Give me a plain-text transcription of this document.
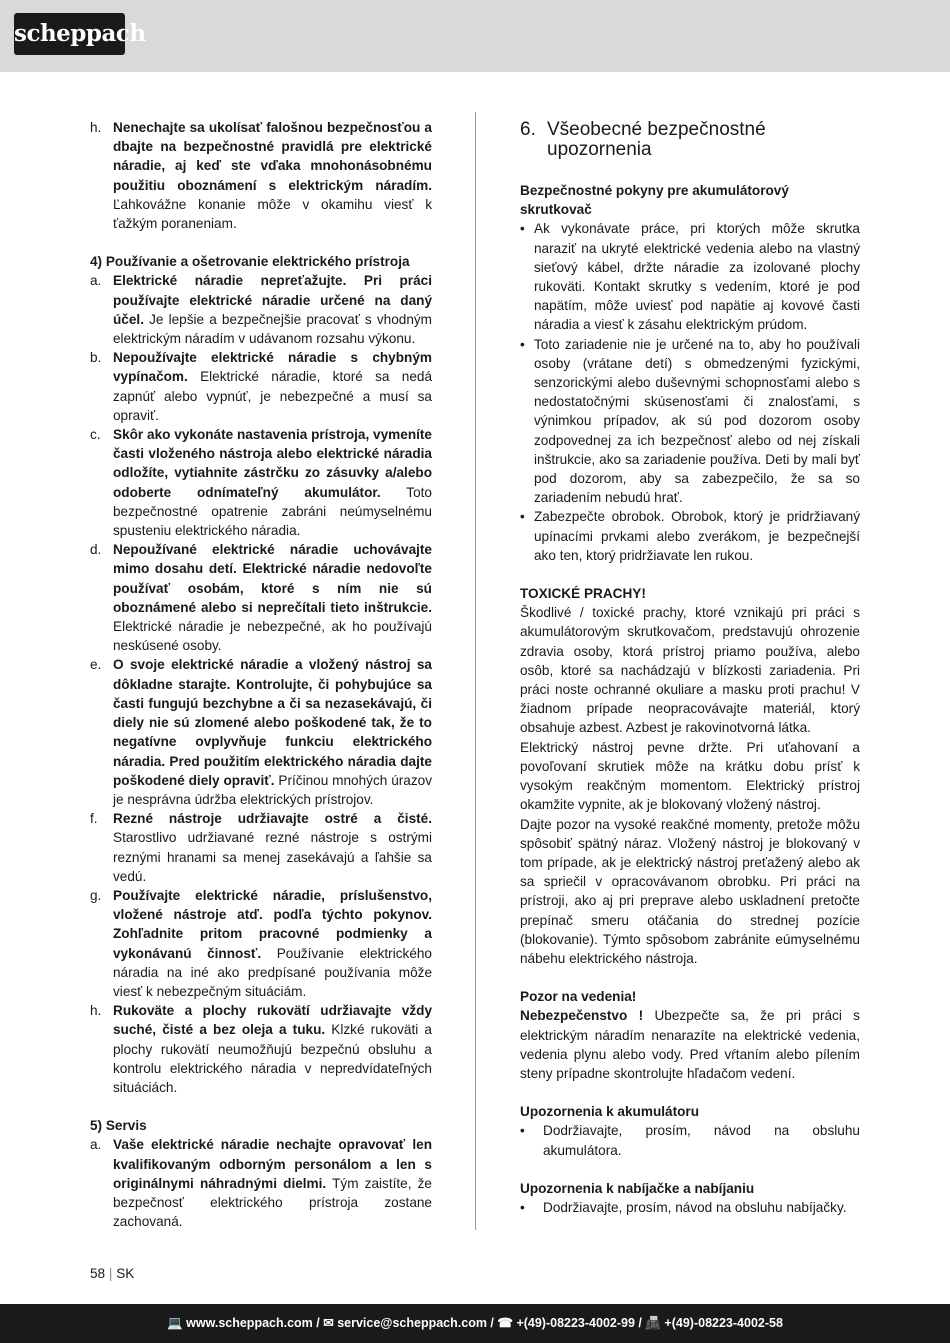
scheppach
h. Nenechajte sa ukolísať falošnou bezpečnosťou a dbajte na bezpečnostné pravidlá pre elektrické náradie, aj keď ste vďaka mnohonásobnému použitiu oboznámení s elektrickým náradím. Ľahkovážne konanie môže v okamihu viesť k ťažkým poraneniam.
4) Používanie a ošetrovanie elektrického prístroja
a. Elektrické náradie nepreťažujte. Pri práci používajte elektrické náradie určené na daný účel. Je lepšie a bezpečnejšie pracovať s vhodným elektrickým náradím v udávanom rozsahu výkonu.
b. Nepoužívajte elektrické náradie s chybným vypínačom. Elektrické náradie, ktoré sa nedá zapnúť alebo vypnúť, je nebezpečné a musí sa opraviť.
c. Skôr ako vykonáte nastavenia prístroja, vymeníte časti vloženého nástroja alebo elektrické náradia odložíte, vytiahnite zástrčku zo zásuvky a/alebo odoberte odnímateľný akumulátor. Toto bezpečnostné opatrenie zabráni neúmyselnému spusteniu elektrického náradia.
d. Nepoužívané elektrické náradie uchovávajte mimo dosahu detí. Elektrické náradie nedovoľte používať osobám, ktoré s ním nie sú oboznámené alebo si neprečítali tieto inštrukcie. Elektrické náradie je nebezpečné, ak ho používajú neskúsené osoby.
e. O svoje elektrické náradie a vložený nástroj sa dôkladne starajte. Kontrolujte, či pohybujúce sa časti fungujú bezchybne a či sa nezasekávajú, či diely nie sú zlomené alebo poškodené tak, že to negatívne ovplyvňuje funkciu elektrického náradia. Pred použitím elektrického náradia dajte poškodené diely opraviť. Príčinou mnohých úrazov je nesprávna údržba elektrických prístrojov.
f.	Rezné nástroje udržiavajte ostré a čisté. Starostlivo udržiavané rezné nástroje s ostrými reznými hranami sa menej zasekávajú a ľahšie sa vedú.
g. Používajte elektrické náradie, príslušenstvo, vložené nástroje atď. podľa týchto pokynov. Zohľadnite pritom pracovné podmienky a vykonávanú činnosť. Používanie elektrického náradia na iné ako predpísané používania môže viesť k nebezpečným situáciám.
h. Rukoväte a plochy rukovätí udržiavajte vždy suché, čisté a bez oleja a tuku. Klzké rukoväti a plochy rukovätí neumožňujú bezpečnú obsluhu a kontrolu elektrického náradia v nepredvídateľných situáciách.
5) Servis
a. Vaše elektrické náradie nechajte opravovať len kvalifikovaným odborným personálom a len s originálnymi náhradnými dielmi. Tým zaistíte, že bezpečnosť elektrického prístroja zostane zachovaná.
6. Všeobecné bezpečnostné upozornenia
Bezpečnostné pokyny pre akumulátorový skrutkovač
• Ak vykonávate práce, pri ktorých môže skrutka naraziť na ukryté elektrické vedenia alebo na vlastný sieťový kábel, držte náradie za izolované plochy rukoväti. Kontakt skrutky s vedením, ktoré je pod napätím, môže uviesť pod napätie aj kovové časti náradia a viesť k zásahu elektrickým prúdom.
• Toto zariadenie nie je určené na to, aby ho používali osoby (vrátane detí) s obmedzenými fyzickými, senzorickými alebo duševnými schopnosťami alebo s nedostatočnými skúsenosťami či znalosťami, s výnimkou prípadov, ak sú pod dozorom osoby zodpovednej za ich bezpečnosť alebo od nej získali inštrukcie, ako sa zariadenie používa. Deti by mali byť pod dozorom, aby sa zabezpečilo, že sa so zariadením nebudú hrať.
• Zabezpečte obrobok. Obrobok, ktorý je pridržiavaný upínacími prvkami alebo zverákom, je bezpečnejší ako ten, ktorý pridržiavate len rukou.
TOXICKÉ PRACHY!

Škodlivé / toxické prachy, ktoré vznikajú pri práci s akumulátorovým skrutkovačom, predstavujú ohrozenie zdravia osoby, ktorá prístroj priamo používa, alebo osôb, ktoré sa nachádzajú v blízkosti zariadenia. Pri práci noste ochranné okuliare a masku proti prachu! V žiadnom prípade neopracovávajte materiál, ktorý obsahuje azbest. Azbest je rakovinotvorná látka.

Elektrický nástroj pevne držte. Pri uťahovaní a povoľovaní skrutiek môže na krátku dobu prísť k vysokým reakčným momentom. Elektrický prístroj okamžite vypnite, ak je blokovaný vložený nástroj.

Dajte pozor na vysoké reakčné momenty, pretože môžu spôsobiť spätný náraz. Vložený nástroj je blokovaný v tom prípade, ak je elektrický nástroj preťažený alebo ak sa spriečil v opracovávanom obrobku. Pri práci na prístroji, ako aj pri preprave alebo uskladnení pretočte prepínač smeru otáčania do strednej pozície (blokovanie). Týmto spôsobom zabránite eúmyselnému nábehu elektrického nástroja.

Pozor na vedenia!

Nebezpečenstvo ! Ubezpečte sa, že pri práci s elektrickým náradím nenarazíte na elektrické vedenia, vedenia plynu alebo vody. Pred vŕtaním alebo pílením steny prípadne skontrolujte hľadačom vedení.

Upozornenia k akumulátoru
•	Dodržiavajte, prosím, návod na obsluhu akumulátora.
Upozornenia k nabíjačke a nabíjaniu
•	Dodržiavajte, prosím, návod na obsluhu nabíjačky.
58 | SK
💻 www.scheppach.com / ✉ service@scheppach.com / ☎ +(49)-08223-4002-99 / 📠 +(49)-08223-4002-58
